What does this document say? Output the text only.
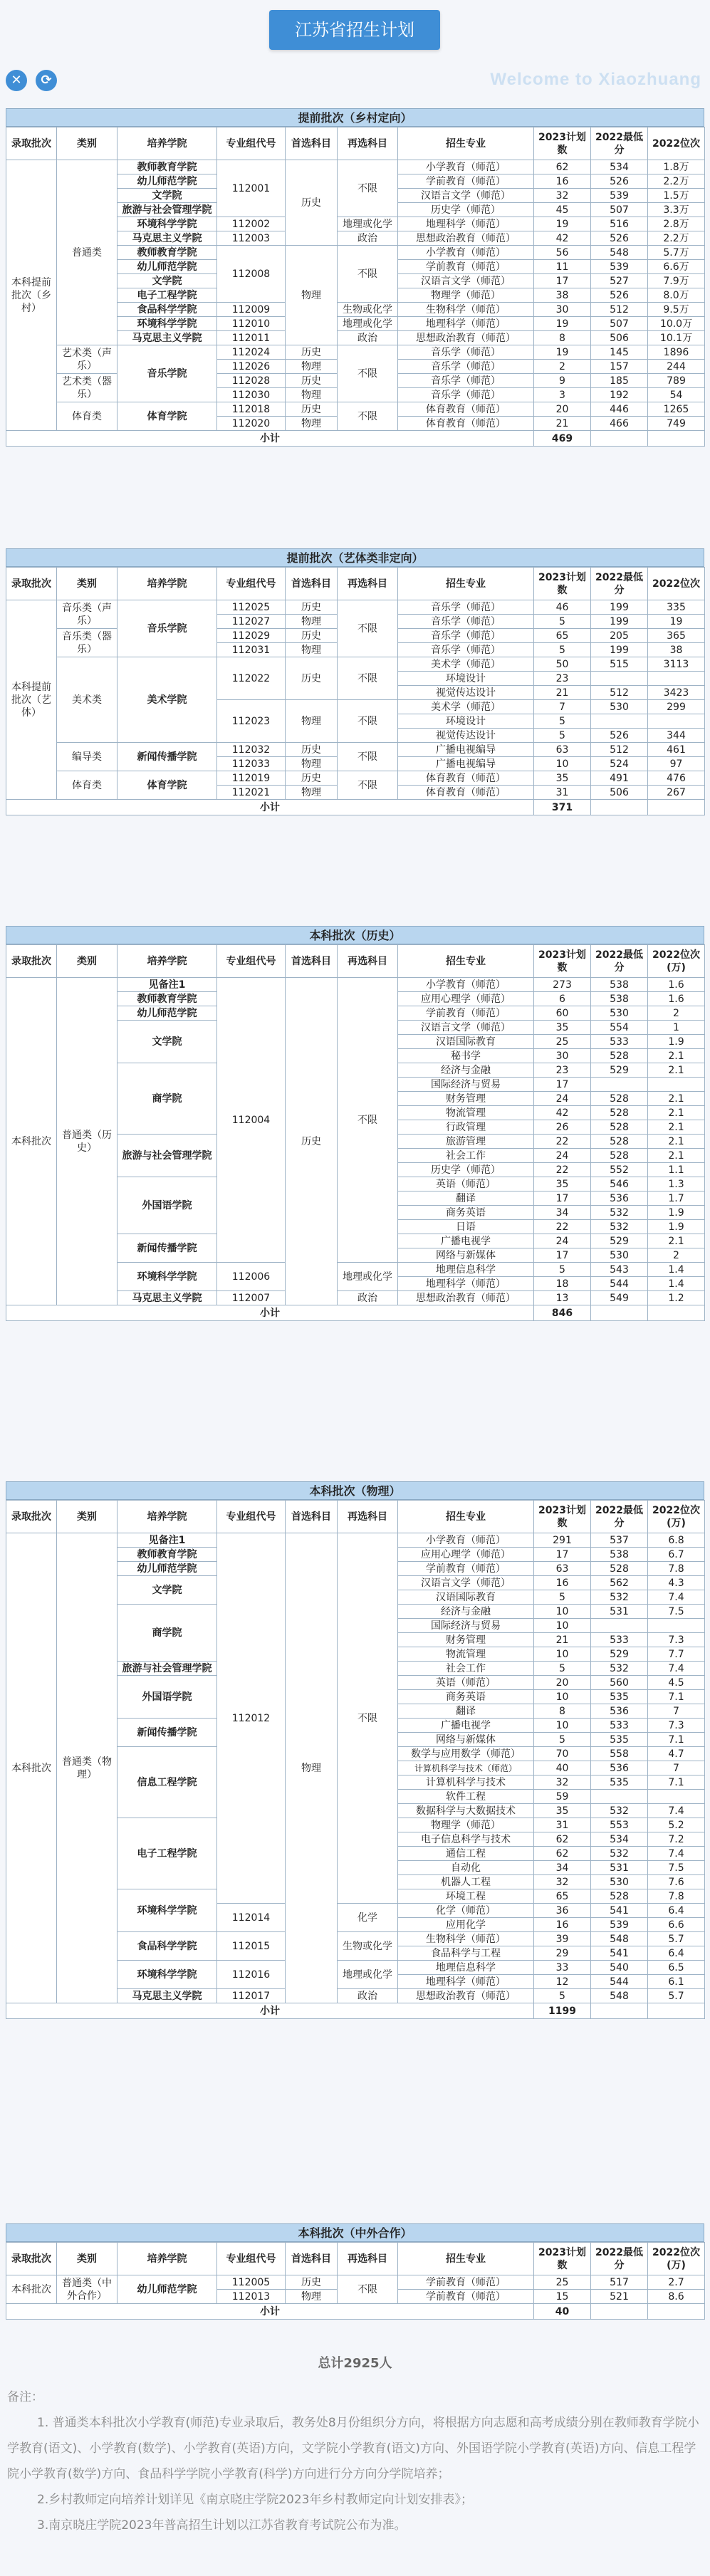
江苏省招生计划
✕	⟳	Welcome to Xiaozhuang
提前批次（乡村定向）
录取批次	类别	培养学院	专业组代号	首选科目	再选科目	招生专业	2023计划数	2022最低分	2022位次
本科提前批次（乡村）	普通类	教师教育学院	112001	历史	不限	小学教育（师范）	62	534	1.8万
		幼儿师范学院				学前教育（师范）	16	526	2.2万
		文学院				汉语言文学（师范）	32	539	1.5万
		旅游与社会管理学院				历史学（师范）	45	507	3.3万
		环境科学学院	112002		地理或化学	地理科学（师范）	19	516	2.8万
		马克思主义学院	112003		政治	思想政治教育（师范）	42	526	2.2万
		教师教育学院	112008	物理	不限	小学教育（师范）	56	548	5.7万
		幼儿师范学院				学前教育（师范）	11	539	6.6万
		文学院				汉语言文学（师范）	17	527	7.9万
		电子工程学院				物理学（师范）	38	526	8.0万
		食品科学学院	112009		生物或化学	生物科学（师范）	30	512	9.5万
		环境科学学院	112010		地理或化学	地理科学（师范）	19	507	10.0万
		马克思主义学院	112011		政治	思想政治教育（师范）	8	506	10.1万
	艺术类（声乐）	音乐学院	112024	历史	不限	音乐学（师范）	19	145	1896
			112026	物理		音乐学（师范）	2	157	244
	艺术类（器乐）		112028	历史		音乐学（师范）	9	185	789
			112030	物理		音乐学（师范）	3	192	54
	体育类	体育学院	112018	历史	不限	体育教育（师范）	20	446	1265
			112020	物理		体育教育（师范）	21	466	749
小计							469		
提前批次（艺体类非定向）
录取批次	类别	培养学院	专业组代号	首选科目	再选科目	招生专业	2023计划数	2022最低分	2022位次
本科提前批次（艺体）	音乐类（声乐）	音乐学院	112025	历史	不限	音乐学（师范）	46	199	335
			112027	物理		音乐学（师范）	5	199	19
	音乐类（器乐）		112029	历史		音乐学（师范）	65	205	365
			112031	物理		音乐学（师范）	5	199	38
	美术类	美术学院	112022	历史	不限	美术学（师范）	50	515	3113
						环境设计	23		
						视觉传达设计	21	512	3423
			112023	物理	不限	美术学（师范）	7	530	299
						环境设计	5		
						视觉传达设计	5	526	344
	编导类	新闻传播学院	112032	历史	不限	广播电视编导	63	512	461
			112033	物理		广播电视编导	10	524	97
	体育类	体育学院	112019	历史	不限	体育教育（师范）	35	491	476
			112021	物理		体育教育（师范）	31	506	267
小计							371		
本科批次（历史）
录取批次	类别	培养学院	专业组代号	首选科目	再选科目	招生专业	2023计划数	2022最低分	2022位次(万)
本科批次	普通类（历史）	见备注1	112004	历史	不限	小学教育（师范）	273	538	1.6
		教师教育学院				应用心理学（师范）	6	538	1.6
		幼儿师范学院				学前教育（师范）	60	530	2
		文学院				汉语言文学（师范）	35	554	1
						汉语国际教育	25	533	1.9
						秘书学	30	528	2.1
		商学院				经济与金融	23	529	2.1
						国际经济与贸易	17		
						财务管理	24	528	2.1
						物流管理	42	528	2.1
						行政管理	26	528	2.1
		旅游与社会管理学院				旅游管理	22	528	2.1
						社会工作	24	528	2.1
						历史学（师范）	22	552	1.1
		外国语学院				英语（师范）	35	546	1.3
						翻译	17	536	1.7
						商务英语	34	532	1.9
						日语	22	532	1.9
		新闻传播学院				广播电视学	24	529	2.1
						网络与新媒体	17	530	2
		环境科学学院	112006		地理或化学	地理信息科学	5	543	1.4
						地理科学（师范）	18	544	1.4
		马克思主义学院	112007		政治	思想政治教育（师范）	13	549	1.2
小计							846		
本科批次（物理）
录取批次	类别	培养学院	专业组代号	首选科目	再选科目	招生专业	2023计划数	2022最低分	2022位次(万)
本科批次	普通类（物理）	见备注1	112012	物理	不限	小学教育（师范）	291	537	6.8
		教师教育学院				应用心理学（师范）	17	538	6.7
		幼儿师范学院				学前教育（师范）	63	528	7.8
		文学院				汉语言文学（师范）	16	562	4.3
						汉语国际教育	5	532	7.4
		商学院				经济与金融	10	531	7.5
						国际经济与贸易	10		
						财务管理	21	533	7.3
						物流管理	10	529	7.7
		旅游与社会管理学院				社会工作	5	532	7.4
		外国语学院				英语（师范）	20	560	4.5
						商务英语	10	535	7.1
						翻译	8	536	7
		新闻传播学院				广播电视学	10	533	7.3
						网络与新媒体	5	535	7.1
		信息工程学院				数学与应用数学（师范）	70	558	4.7
						计算机科学与技术（师范）	40	536	7
						计算机科学与技术	32	535	7.1
						软件工程	59		
						数据科学与大数据技术	35	532	7.4
		电子工程学院				物理学（师范）	31	553	5.2
						电子信息科学与技术	62	534	7.2
						通信工程	62	532	7.4
						自动化	34	531	7.5
						机器人工程	32	530	7.6
		环境科学学院				环境工程	65	528	7.8
			112014		化学	化学（师范）	36	541	6.4
						应用化学	16	539	6.6
		食品科学学院	112015		生物或化学	生物科学（师范）	39	548	5.7
						食品科学与工程	29	541	6.4
		环境科学学院	112016		地理或化学	地理信息科学	33	540	6.5
						地理科学（师范）	12	544	6.1
		马克思主义学院	112017		政治	思想政治教育（师范）	5	548	5.7
小计							1199		
本科批次（中外合作）
录取批次	类别	培养学院	专业组代号	首选科目	再选科目	招生专业	2023计划数	2022最低分	2022位次(万)
本科批次	普通类（中外合作）	幼儿师范学院	112005	历史	不限	学前教育（师范）	25	517	2.7
			112013	物理		学前教育（师范）	15	521	8.6
小计							40		
总计2925人

备注：

1. 普通类本科批次小学教育(师范)专业录取后，教务处8月份组织分方向，将根据方向志愿和高考成绩分别在教师教育学院小学教育(语文)、小学教育(数学)、小学教育(英语)方向，文学院小学教育(语文)方向、外国语学院小学教育(英语)方向、信息工程学院小学教育(数学)方向、食品科学学院小学教育(科学)方向进行分方向分学院培养；

2.乡村教师定向培养计划详见《南京晓庄学院2023年乡村教师定向计划安排表》；

3.南京晓庄学院2023年普高招生计划以江苏省教育考试院公布为准。
